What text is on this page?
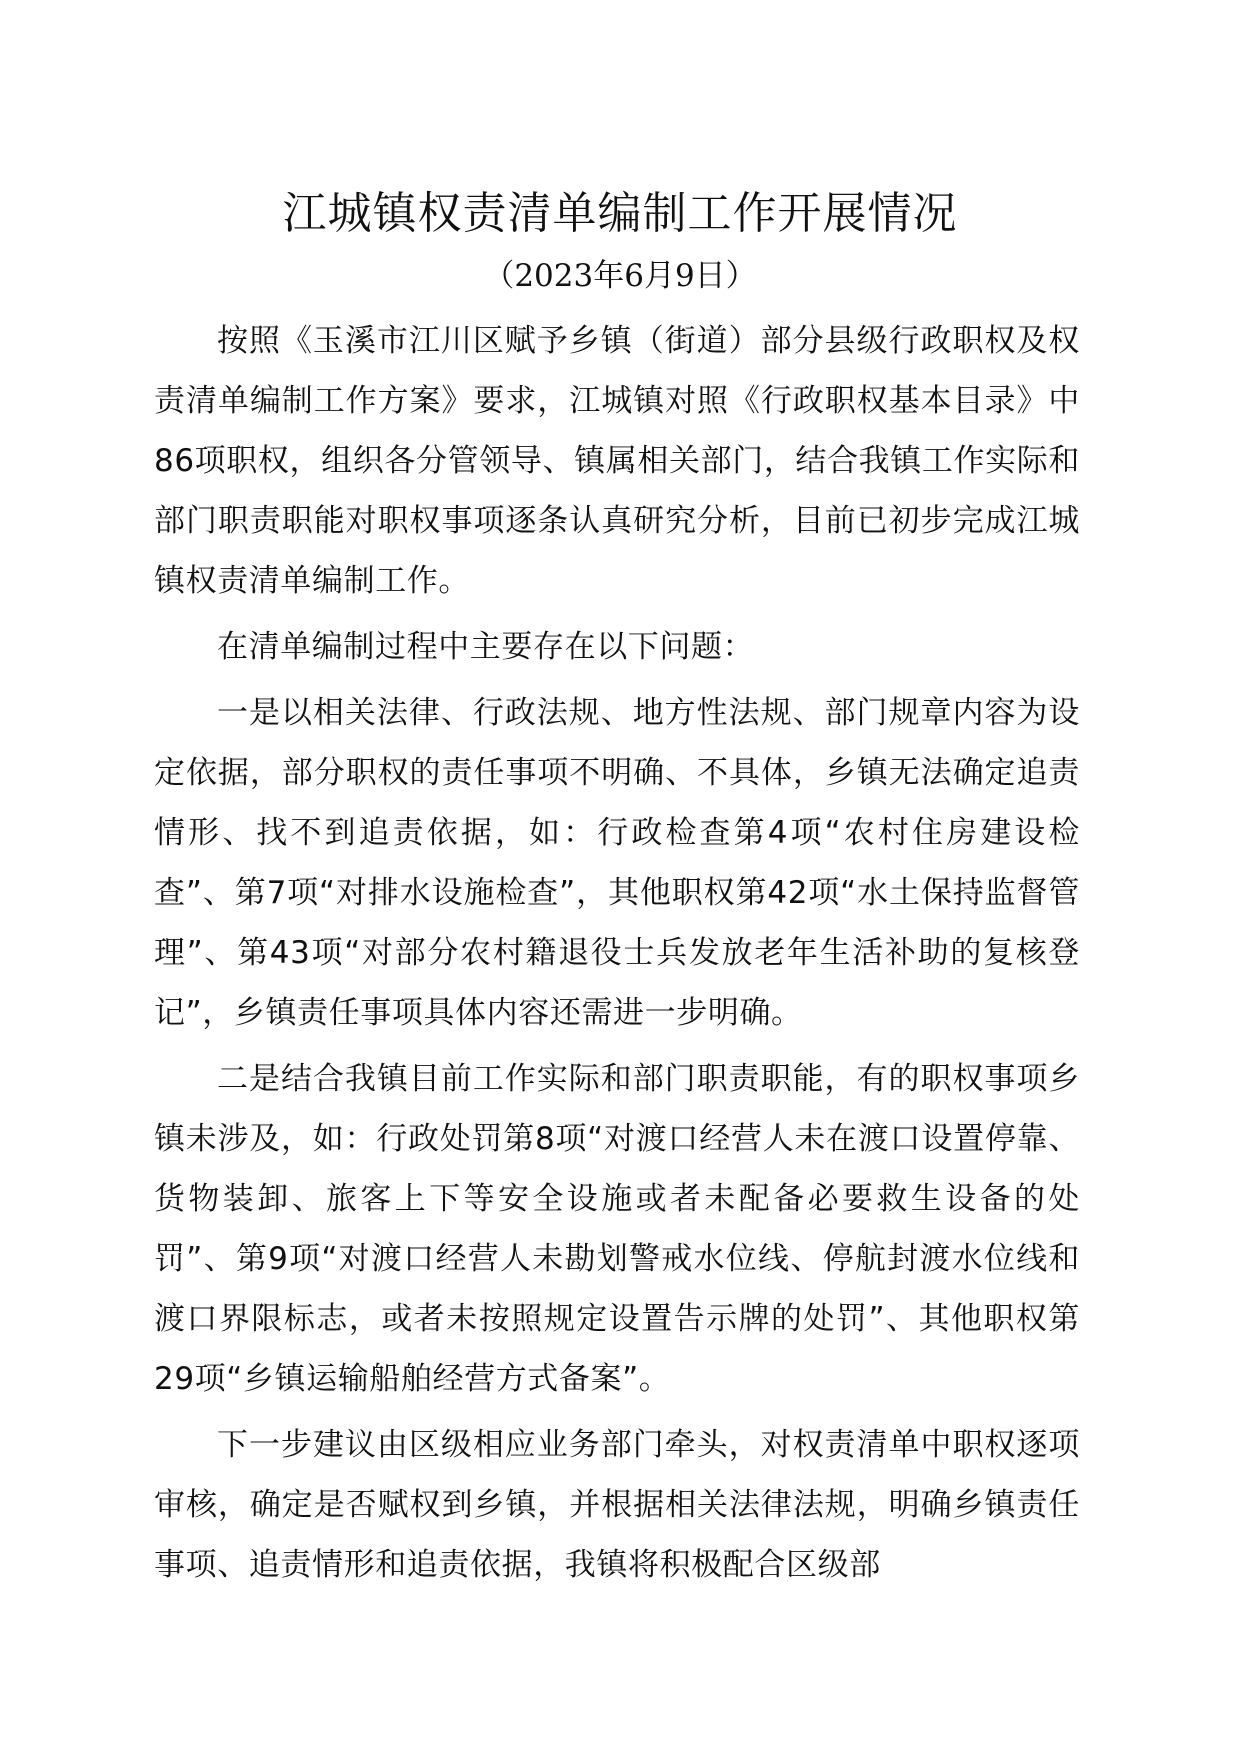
江城镇权责清单编制工作开展情况

（2023年6月9日）

按照《玉溪市江川区赋予乡镇（街道）部分县级行政职权及权责清单编制工作方案》要求，江城镇对照《行政职权基本目录》中86项职权，组织各分管领导、镇属相关部门，结合我镇工作实际和部门职责职能对职权事项逐条认真研究分析，目前已初步完成江城镇权责清单编制工作。

在清单编制过程中主要存在以下问题：

一是以相关法律、行政法规、地方性法规、部门规章内容为设定依据，部分职权的责任事项不明确、不具体，乡镇无法确定追责情形、找不到追责依据，如：行政检查第4项“农村住房建设检查”、第7项“对排水设施检查”，其他职权第42项“水土保持监督管理”、第43项“对部分农村籍退役士兵发放老年生活补助的复核登记”，乡镇责任事项具体内容还需进一步明确。

二是结合我镇目前工作实际和部门职责职能，有的职权事项乡镇未涉及，如：行政处罚第8项“对渡口经营人未在渡口设置停靠、货物装卸、旅客上下等安全设施或者未配备必要救生设备的处罚”、第9项“对渡口经营人未勘划警戒水位线、停航封渡水位线和渡口界限标志，或者未按照规定设置告示牌的处罚”、其他职权第29项“乡镇运输船舶经营方式备案”。

下一步建议由区级相应业务部门牵头，对权责清单中职权逐项审核，确定是否赋权到乡镇，并根据相关法律法规，明确乡镇责任事项、追责情形和追责依据，我镇将积极配合区级部
